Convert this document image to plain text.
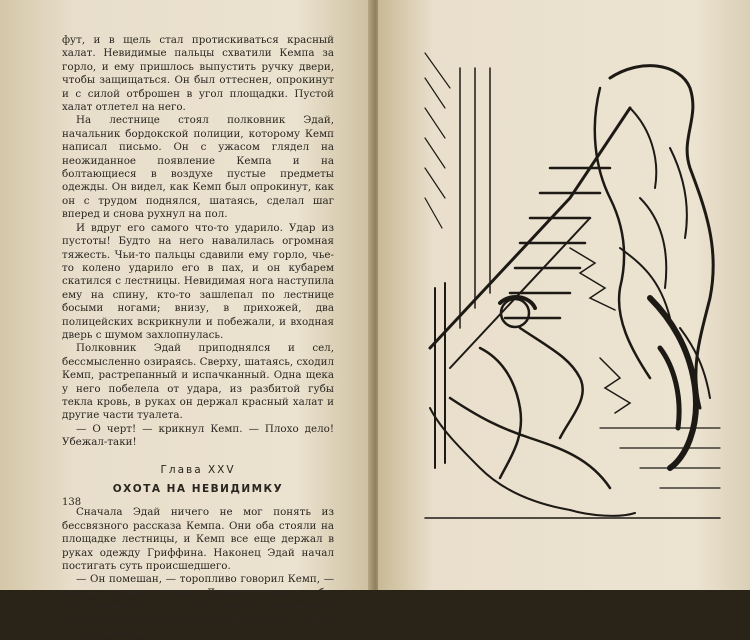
фут, и в щель стал протискиваться красный халат. Невидимые пальцы схватили Кемпа за горло, и ему пришлось выпустить ручку двери, чтобы защищаться. Он был оттеснен, опрокинут и с силой отброшен в угол площадки. Пустой халат отлетел на него.

На лестнице стоял полковник Эдай, начальник бордокской полиции, которому Кемп написал письмо. Он с ужасом глядел на неожиданное появление Кемпа и на болтающиеся в воздухе пустые предметы одежды. Он видел, как Кемп был опрокинут, как он с трудом поднялся, шатаясь, сделал шаг вперед и снова рухнул на пол.

И вдруг его самого что-то ударило. Удар из пустоты! Будто на него навалилась огромная тяжесть. Чьи-то пальцы сдавили ему горло, чье-то колено ударило его в пах, и он кубарем скатился с лестницы. Невидимая нога наступила ему на спину, кто-то зашлепал по лестнице босыми ногами; внизу, в прихожей, два полицейских вскрикнули и побежали, и входная дверь с шумом захлопнулась.

Полковник Эдай приподнялся и сел, бессмысленно озираясь. Сверху, шатаясь, сходил Кемп, растрепанный и испачканный. Одна щека у него побелела от удара, из разбитой губы текла кровь, в руках он держал красный халат и другие части туалета.

— О черт! — крикнул Кемп. — Плохо дело! Убежал-таки!

Глава XXV
ОХОТА НА НЕВИДИМКУ

Сначала Эдай ничего не мог понять из бессвязного рассказа Кемпа. Они оба стояли на площадке лестницы, и Кемп все еще держал в руках одежду Гриффина. Наконец Эдай начал постигать суть происшедшего.

— Он помешан, — торопливо говорил Кемп, — это не человек, а зверь. Думает только о себе. Не считается ни с чем, кроме собственной выгоды и безопасности. Я его выслушал сегодня — это свирепый

138
